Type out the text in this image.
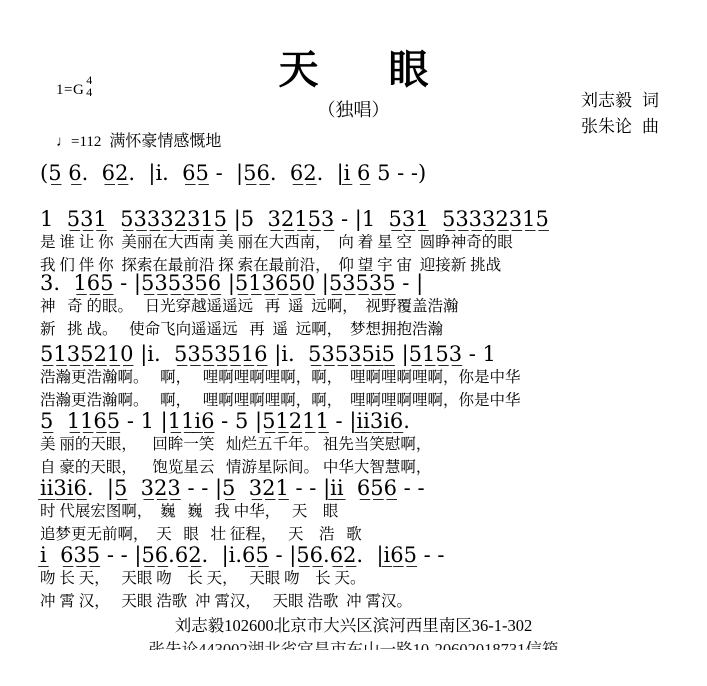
1=G
4
4	天 眼
（独唱）	刘志毅 词
张朱论 曲
♩=112 满怀豪情感慨地
(5̲ 6̲.  6̲2̲.  |i.  6̲5̲ -  |5̲6̲.  6̲2̲.  |i̲ 6̲ 5 - -)
1  5̲3̲1̲  5̲3̲3̲3̲2̲3̲1̲5̲ |5  3̲2̲1̲5̲3̲ - |1  5̲3̲1̲  5̲3̲3̲3̲2̲3̲1̲5̲
是 谁 让 你  美丽在大西南 美 丽在大西南，  向 着 星 空  圆睁神奇的眼
我 们 伴 你  探索在最前沿 探 索在最前沿，  仰 望 宇 宙  迎接新 挑战
3.  1̲6̲5̲ - |5̲3̲5̲3̲5̲6̲ |5̲1̲3̲6̲5̲0̲ |5̲3̲5̲3̲5̲ - |
神   奇 的眼。   日光穿越遥遥远   再  遥  远啊，  视野覆盖浩瀚
新   挑 战。   使命飞向遥遥远   再  遥  远啊，  梦想拥抱浩瀚
5̲1̲3̲5̲2̲1̲0̲ |i.  5̲3̲5̲3̲5̲1̲6̲ |i.  5̲3̲5̲3̲5̲i̲5̲ |5̲1̲5̲3̲ - 1
浩瀚更浩瀚啊。   啊，   哩啊哩啊哩啊，啊，  哩啊哩啊哩啊，你是中华
浩瀚更浩瀚啊。   啊，   哩啊哩啊哩啊，啊，  哩啊哩啊哩啊，你是中华
5̲  1̲1̲6̲5̲ - 1 |1̲1̲i̲6̲ - 5 |5̲1̲2̲1̲1̲ - |i̲i̲3̲i̲6̲.
美 丽的天眼，    回眸一笑   灿烂五千年。 祖先当笑慰啊，
自 豪的天眼，    饱览星云   情游星际间。 中华大智慧啊，
i̲i̲3̲i̲6̲.  |5̲  3̲2̲3̲ - - |5̲  3̲2̲1̲ - - |i̲i̲  6̲5̲6̲ - -
时 代展宏图啊，  巍   巍   我 中华，   天    眼
追梦更无前啊，  天   眼   壮 征程，   天    浩   歌
i̲  6̲3̲5̲ - - |5̲6̲.6̲2̲.  |i.6̲5̲ - |5̲6̲.6̲2̲.  |i̲6̲5̲ - -
吻 长 天，   天眼 吻    长 天，   天眼 吻    长 天。
冲 霄 汉，   天眼 浩歌  冲 霄汉，   天眼 浩歌  冲 霄汉。
刘志毅102600北京市大兴区滨河西里南区36-1-302
